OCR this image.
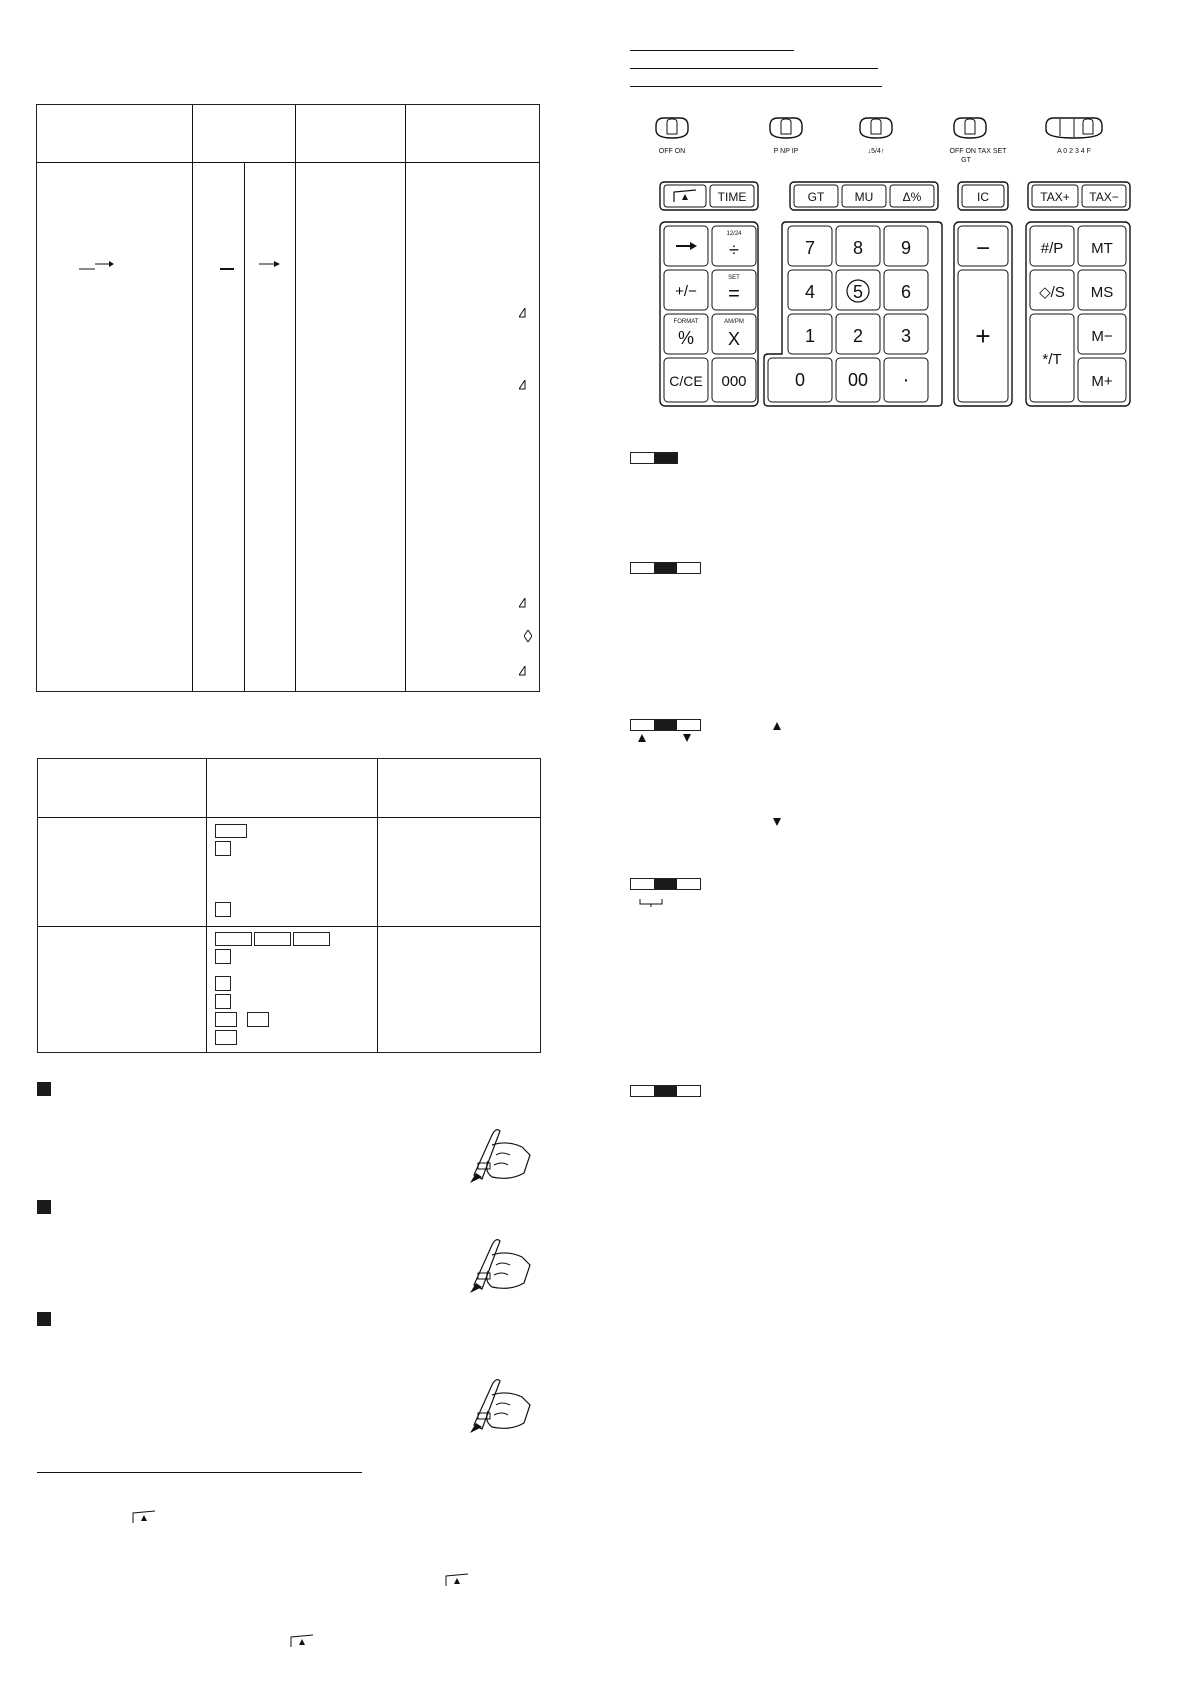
OFF ON	P NP IP	↓5/4↑	OFF ON TAX SET
GT
A 0 2 3 4 F
TIME	GT	MU Δ%	IC	TAX+ TAX−
12/24
÷
+/−
SET
=
FORMAT
%
AM/PM
X
C/CE 000
7 8 9
4 5 6
1 2 3
0 00 ·
−
+
#/P MT
◇/S MS
*/T
M−
M+
